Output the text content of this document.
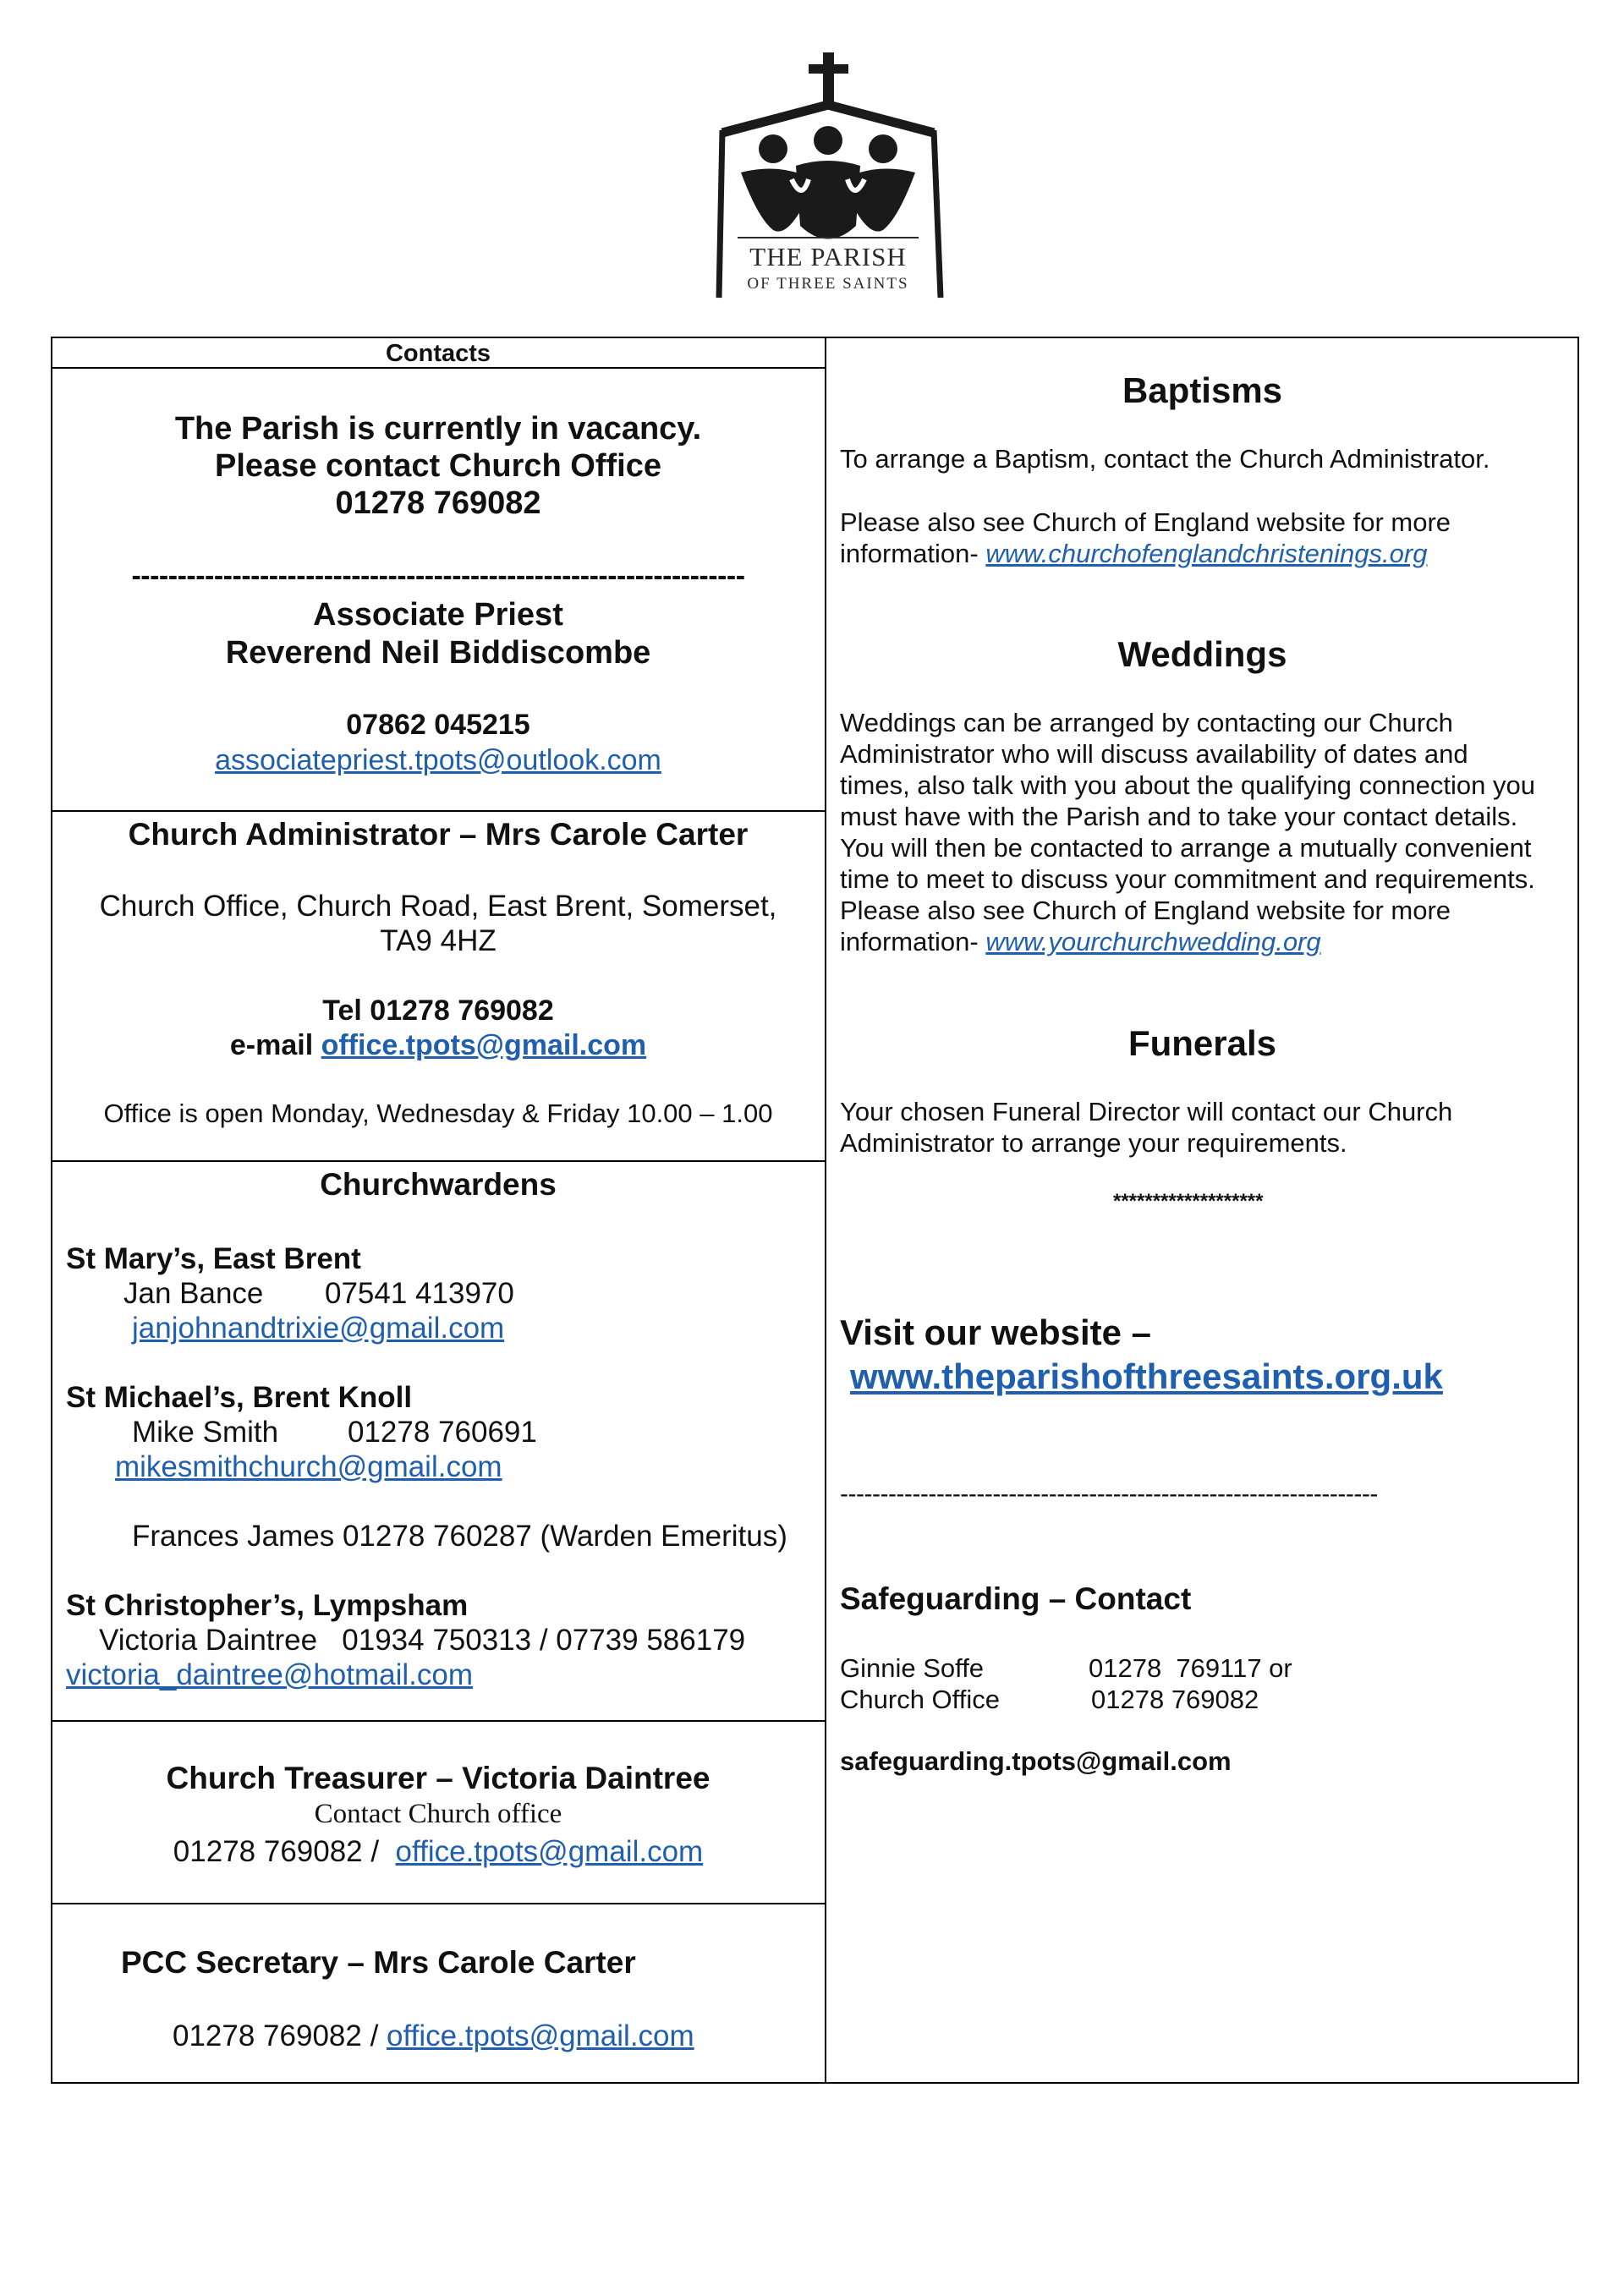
THE PARISH
OF THREE SAINTS
Contacts
The Parish is currently in vacancy.
Please contact Church Office
01278 769082
-------------------------------------------------------------------
Associate Priest
Reverend Neil Biddiscombe
07862 045215
associatepriest.tpots@outlook.com
Church Administrator – Mrs Carole Carter
Church Office, Church Road, East Brent, Somerset,
TA9 4HZ
Tel 01278 769082
e-mail office.tpots@gmail.com
Office is open Monday, Wednesday & Friday 10.00 – 1.00
Churchwardens
St Mary’s, East Brent
Jan Bance 07541 413970
janjohnandtrixie@gmail.com
St Michael’s, Brent Knoll
Mike Smith 01278 760691
mikesmithchurch@gmail.com
Frances James 01278 760287 (Warden Emeritus)
St Christopher’s, Lympsham
Victoria Daintree   01934 750313 / 07739 586179
victoria_daintree@hotmail.com
Church Treasurer – Victoria Daintree
Contact Church office
01278 769082 / office.tpots@gmail.com
PCC Secretary – Mrs Carole Carter
01278 769082 / office.tpots@gmail.com
Baptisms
To arrange a Baptism, contact the Church Administrator.
Please also see Church of England website for more
information- www.churchofenglandchristenings.org
Weddings
Weddings can be arranged by contacting our Church
Administrator who will discuss availability of dates and
times, also talk with you about the qualifying connection you
must have with the Parish and to take your contact details.
You will then be contacted to arrange a mutually convenient
time to meet to discuss your commitment and requirements.
Please also see Church of England website for more
information- www.yourchurchwedding.org
Funerals
Your chosen Funeral Director will contact our Church
Administrator to arrange your requirements.
*******************
Visit our website –
www.theparishofthreesaints.org.uk
-------------------------------------------------------------------
Safeguarding – Contact
Ginnie Soffe	01278  769117 or
Church Office	01278 769082
safeguarding.tpots@gmail.com
